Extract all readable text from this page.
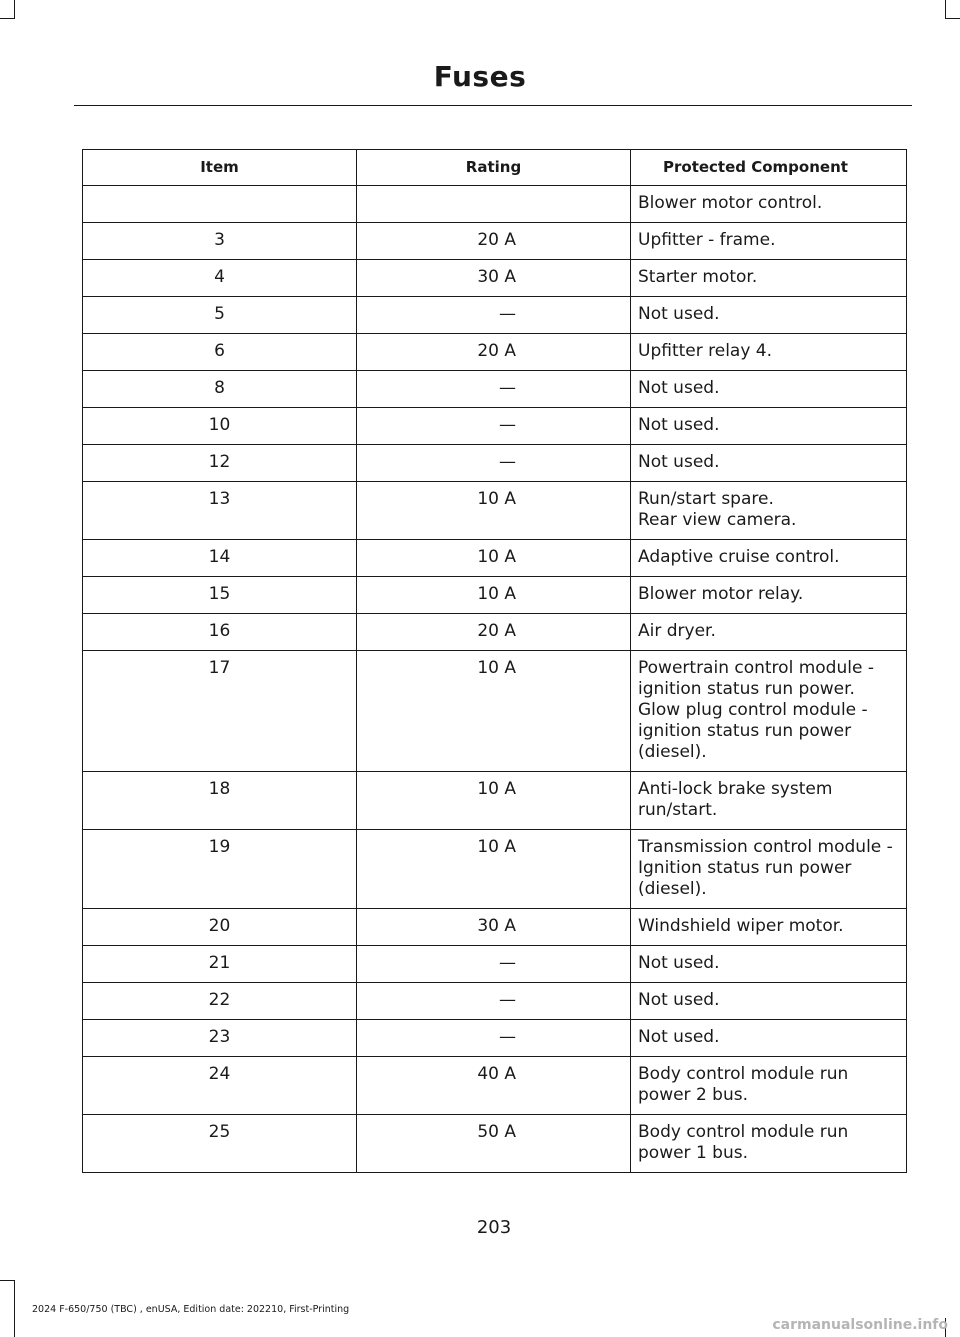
Fuses
Item	Rating	Protected Component

		Blower motor control.

3	20 A	Upfitter - frame.

4	30 A	Starter motor.

5	—	Not used.

6	20 A	Upfitter relay 4.

8	—	Not used.

10	—	Not used.

12	—	Not used.

13	10 A	Run/start spare.
Rear view camera.

14	10 A	Adaptive cruise control.

15	10 A	Blower motor relay.

16	20 A	Air dryer.

17	10 A	Powertrain control module - ignition status run power.
Glow plug control module - ignition status run power (diesel).

18	10 A	Anti-lock brake system run/start.

19	10 A	Transmission control module - Ignition status run power (diesel).

20	30 A	Windshield wiper motor.

21	—	Not used.

22	—	Not used.

23	—	Not used.

24	40 A	Body control module run power 2 bus.

25	50 A	Body control module run power 1 bus.
203
2024 F-650/750 (TBC) , enUSA, Edition date: 202210, First-Printing
carmanualsonline.info
